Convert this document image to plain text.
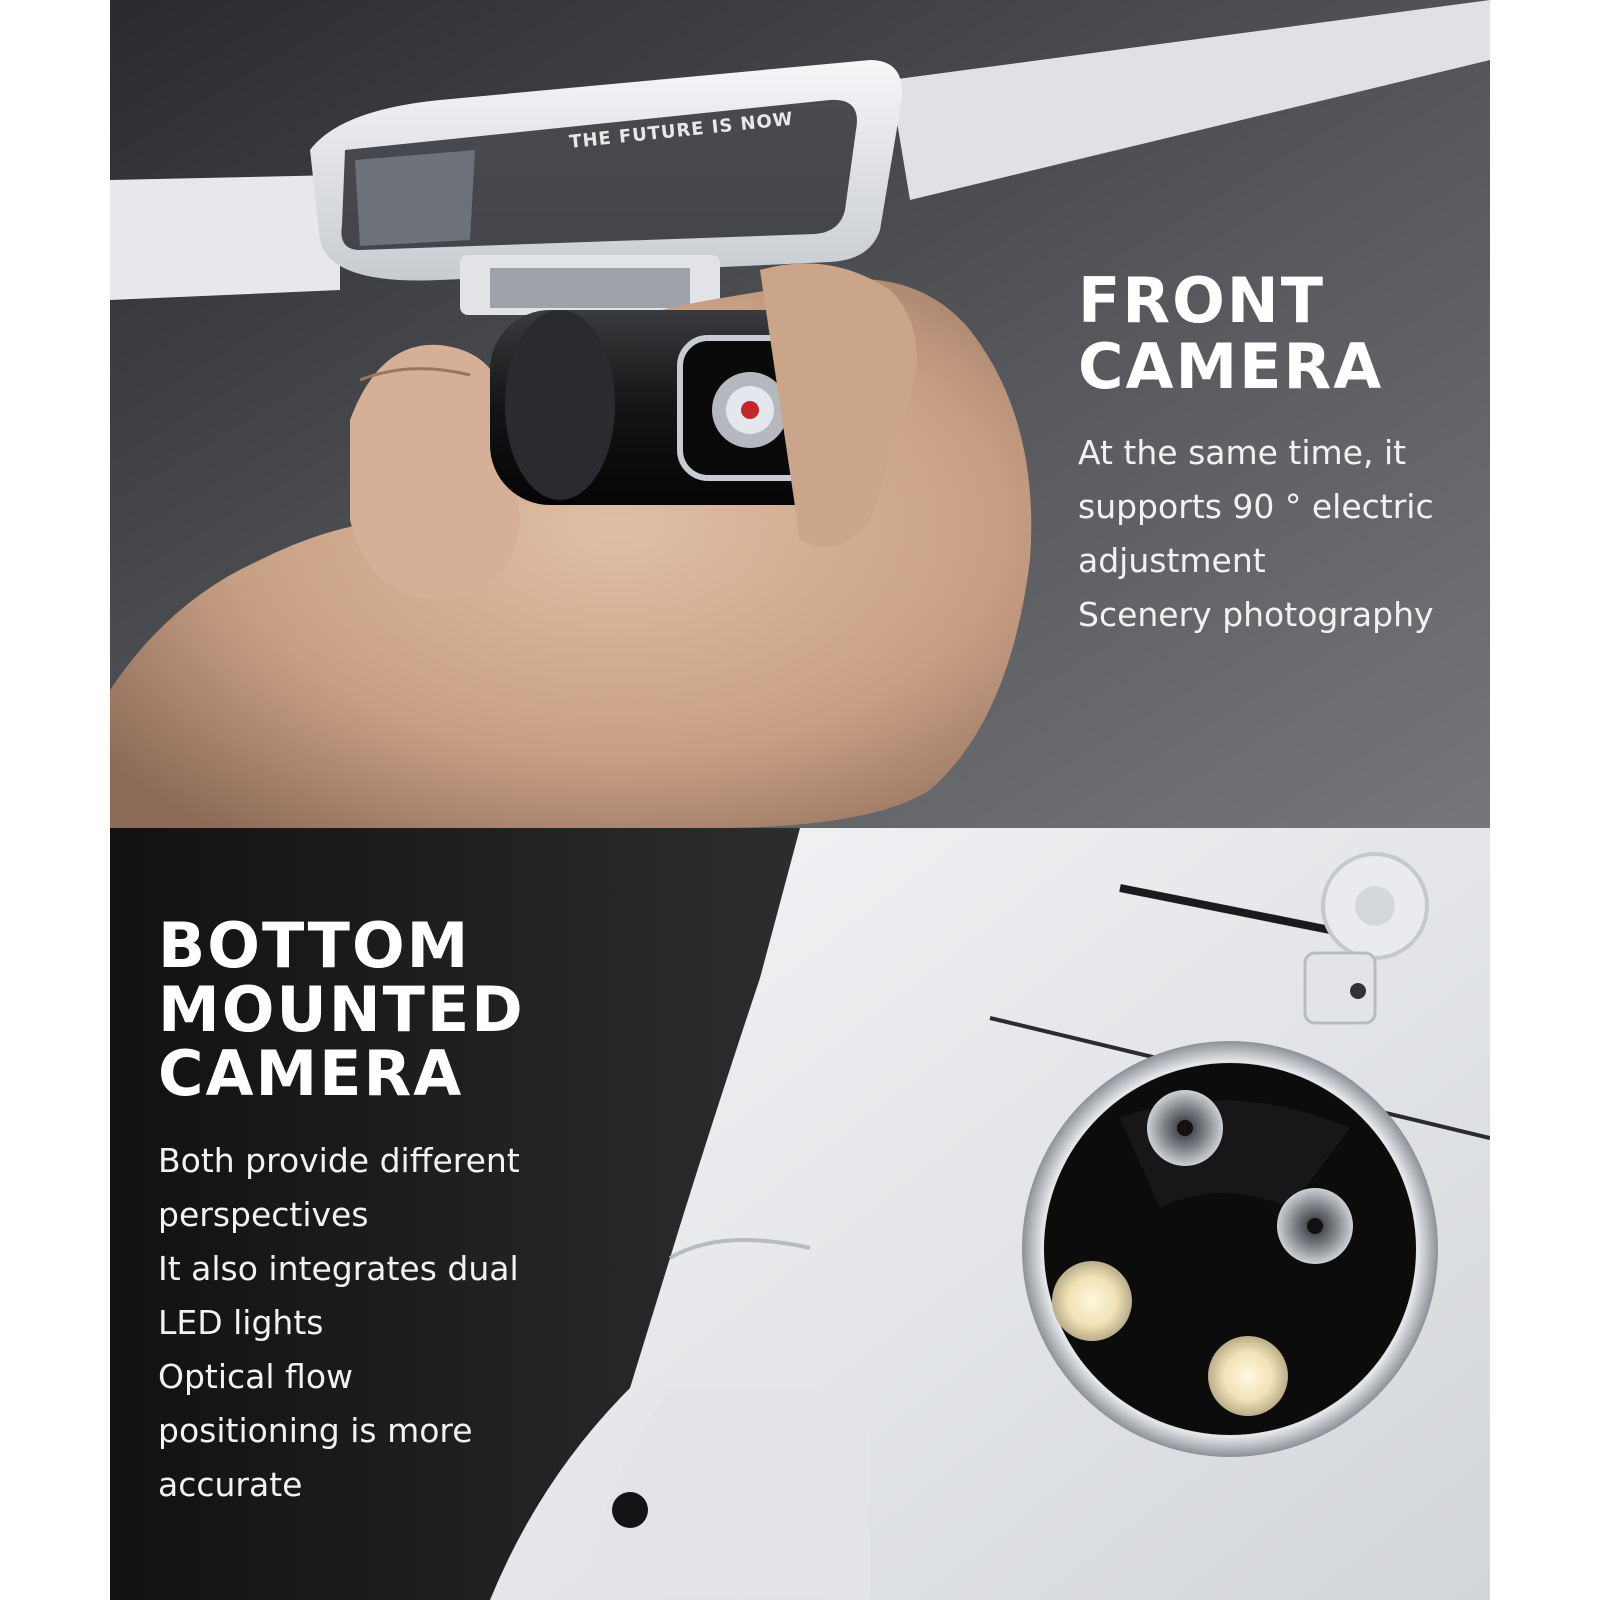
THE FUTURE IS NOW
FRONT
CAMERA

At the same time, it

supports 90 ° electric

adjustment

Scenery photography

BOTTOM
MOUNTED
CAMERA

Both provide different

perspectives

It also integrates dual

LED lights

Optical flow

positioning is more

accurate
